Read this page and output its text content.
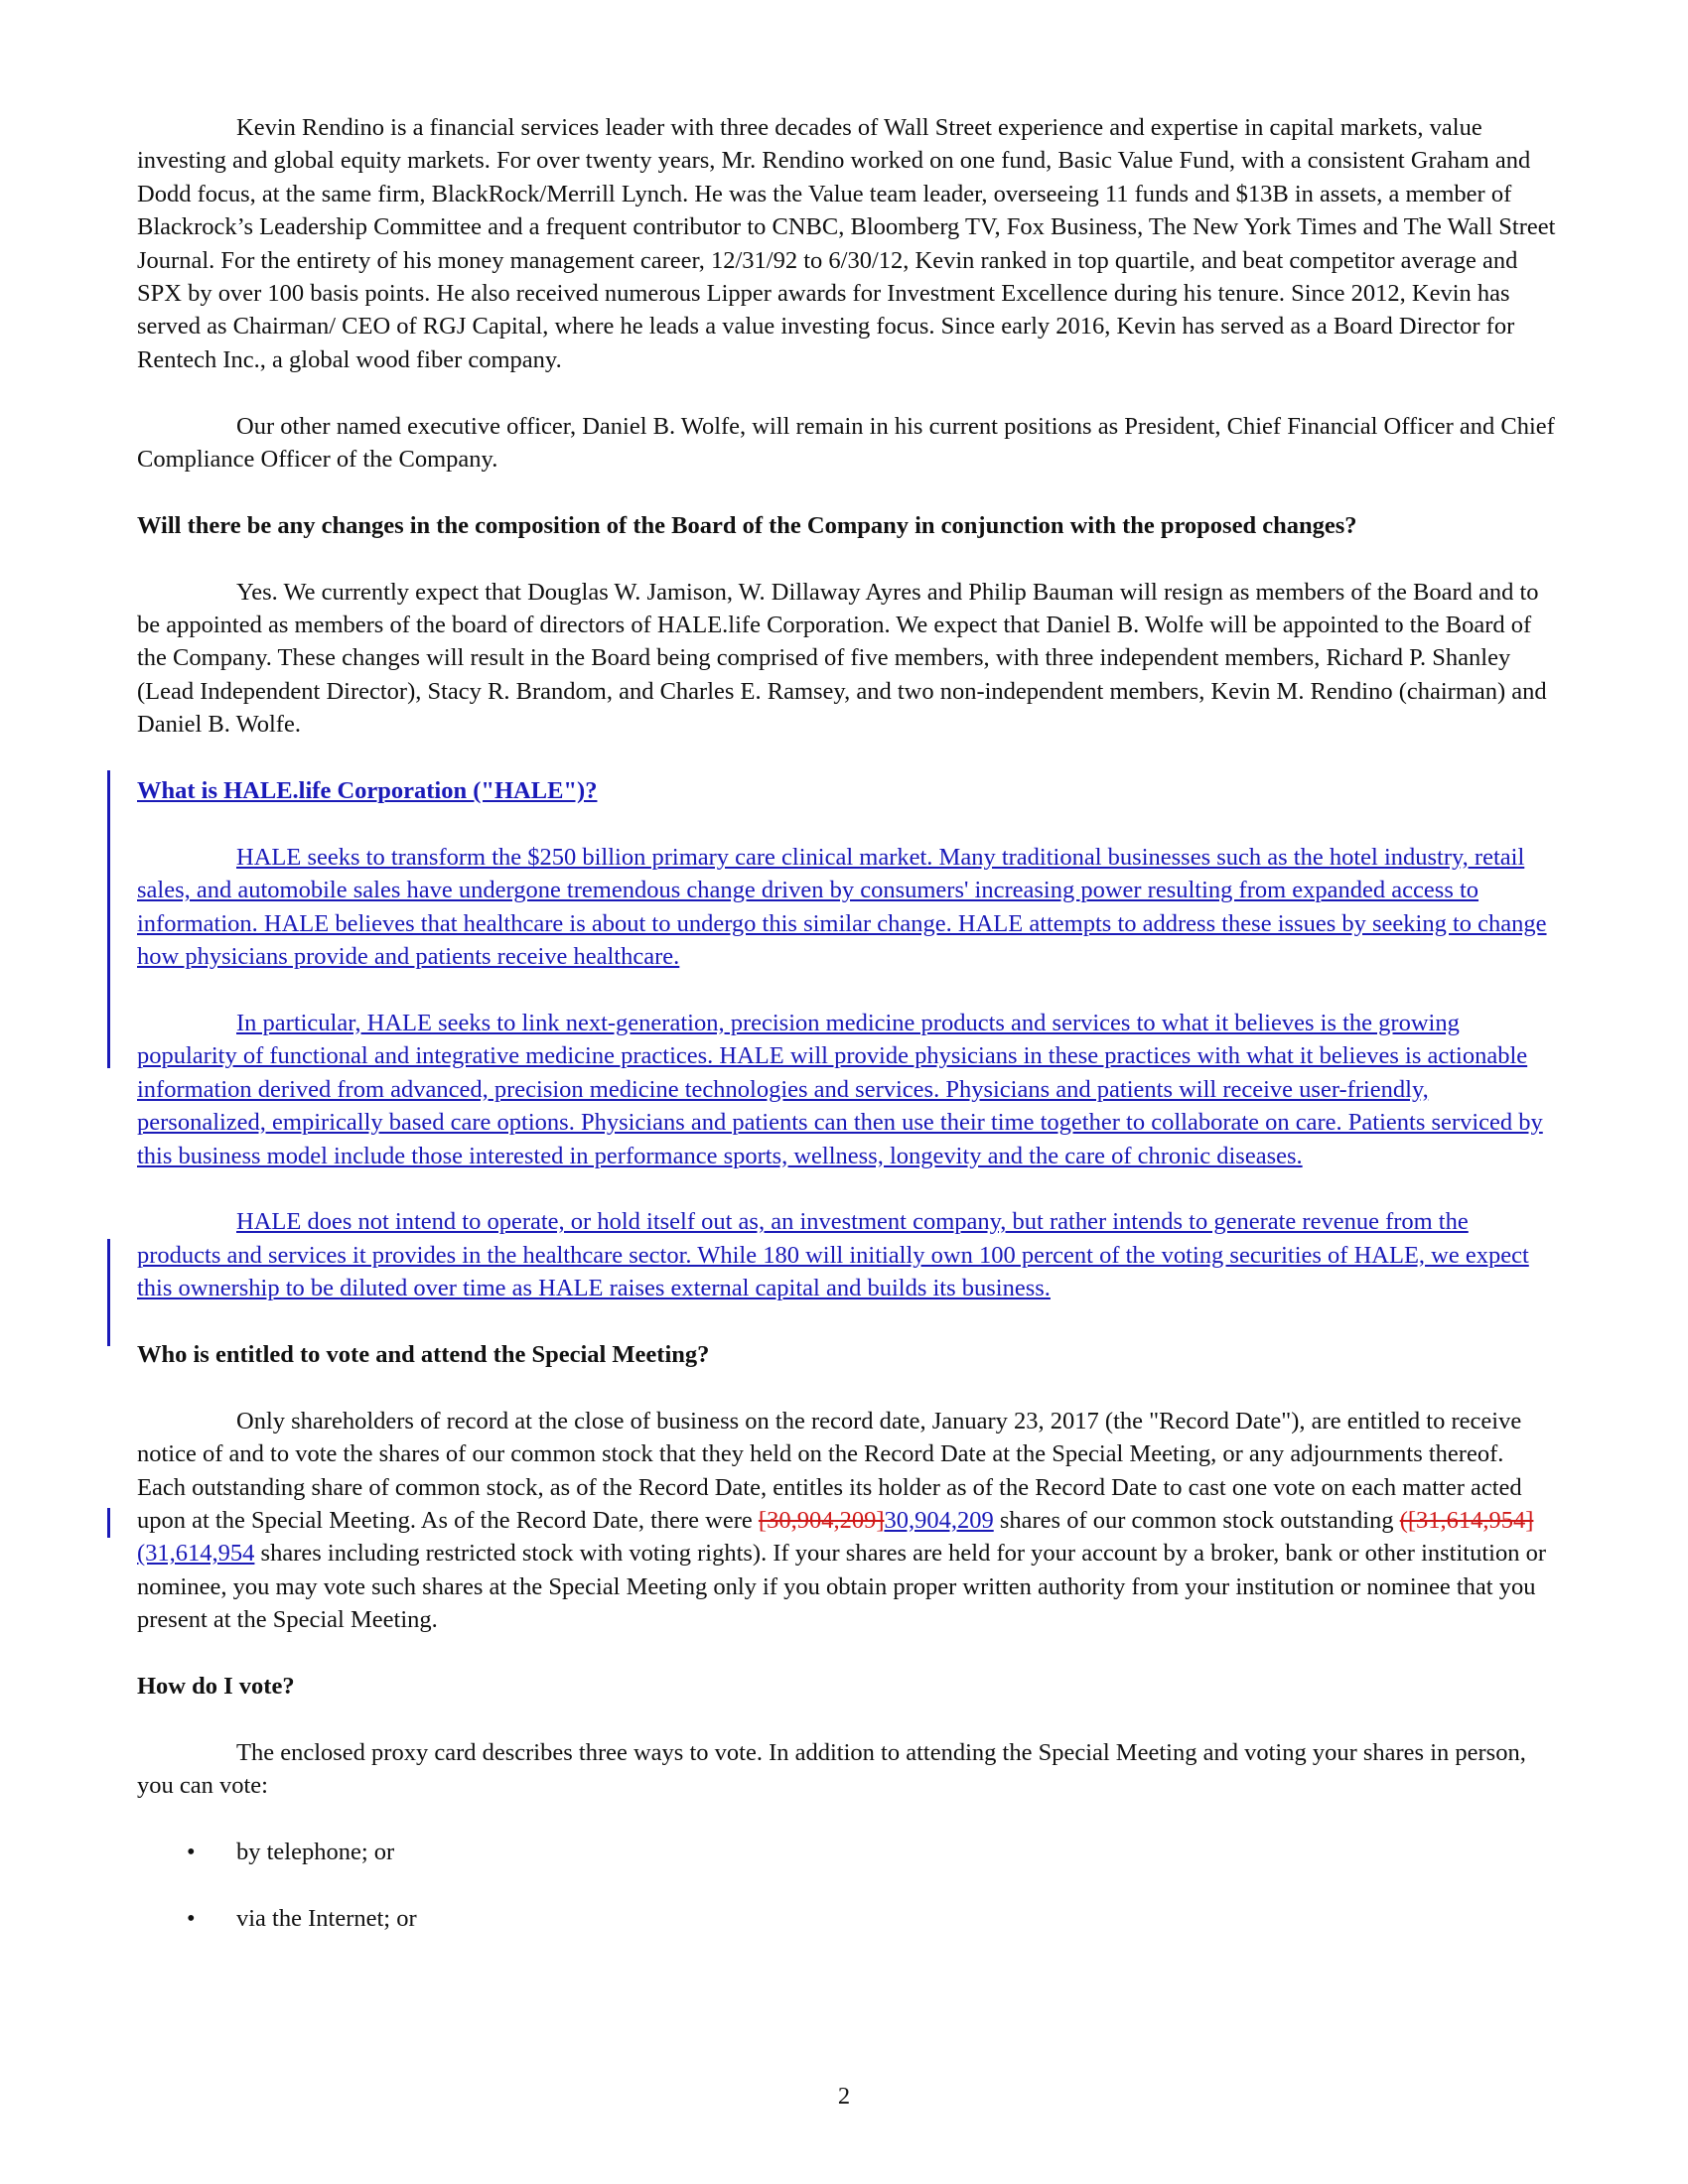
Kevin Rendino is a financial services leader with three decades of Wall Street experience and expertise in capital markets, value investing and global equity markets. For over twenty years, Mr. Rendino worked on one fund, Basic Value Fund, with a consistent Graham and Dodd focus, at the same firm, BlackRock/Merrill Lynch. He was the Value team leader, overseeing 11 funds and $13B in assets, a member of Blackrock’s Leadership Committee and a frequent contributor to CNBC, Bloomberg TV, Fox Business, The New York Times and The Wall Street Journal. For the entirety of his money management career, 12/31/92 to 6/30/12, Kevin ranked in top quartile, and beat competitor average and SPX by over 100 basis points. He also received numerous Lipper awards for Investment Excellence during his tenure. Since 2012, Kevin has served as Chairman/ CEO of RGJ Capital, where he leads a value investing focus. Since early 2016, Kevin has served as a Board Director for Rentech Inc., a global wood fiber company.

Our other named executive officer, Daniel B. Wolfe, will remain in his current positions as President, Chief Financial Officer and Chief Compliance Officer of the Company.

Will there be any changes in the composition of the Board of the Company in conjunction with the proposed changes?

Yes. We currently expect that Douglas W. Jamison, W. Dillaway Ayres and Philip Bauman will resign as members of the Board and to be appointed as members of the board of directors of HALE.life Corporation. We expect that Daniel B. Wolfe will be appointed to the Board of the Company. These changes will result in the Board being comprised of five members, with three independent members, Richard P. Shanley (Lead Independent Director), Stacy R. Brandom, and Charles E. Ramsey, and two non-independent members, Kevin M. Rendino (chairman) and Daniel B. Wolfe.

What is HALE.life Corporation ("HALE")?

HALE seeks to transform the $250 billion primary care clinical market. Many traditional businesses such as the hotel industry, retail sales, and automobile sales have undergone tremendous change driven by consumers' increasing power resulting from expanded access to information. HALE believes that healthcare is about to undergo this similar change. HALE attempts to address these issues by seeking to change how physicians provide and patients receive healthcare.

In particular, HALE seeks to link next-generation, precision medicine products and services to what it believes is the growing popularity of functional and integrative medicine practices. HALE will provide physicians in these practices with what it believes is actionable information derived from advanced, precision medicine technologies and services. Physicians and patients will receive user-friendly, personalized, empirically based care options. Physicians and patients can then use their time together to collaborate on care. Patients serviced by this business model include those interested in performance sports, wellness, longevity and the care of chronic diseases.

HALE does not intend to operate, or hold itself out as, an investment company, but rather intends to generate revenue from the products and services it provides in the healthcare sector. While 180 will initially own 100 percent of the voting securities of HALE, we expect this ownership to be diluted over time as HALE raises external capital and builds its business.

Who is entitled to vote and attend the Special Meeting?

Only shareholders of record at the close of business on the record date, January 23, 2017 (the "Record Date"), are entitled to receive notice of and to vote the shares of our common stock that they held on the Record Date at the Special Meeting, or any adjournments thereof. Each outstanding share of common stock, as of the Record Date, entitles its holder as of the Record Date to cast one vote on each matter acted upon at the Special Meeting. As of the Record Date, there were [30,904,209]30,904,209 shares of our common stock outstanding ([31,614,954](31,614,954 shares including restricted stock with voting rights). If your shares are held for your account by a broker, bank or other institution or nominee, you may vote such shares at the Special Meeting only if you obtain proper written authority from your institution or nominee that you present at the Special Meeting.

How do I vote?

The enclosed proxy card describes three ways to vote. In addition to attending the Special Meeting and voting your shares in person, you can vote:

• by telephone; or
• via the Internet; or
2
